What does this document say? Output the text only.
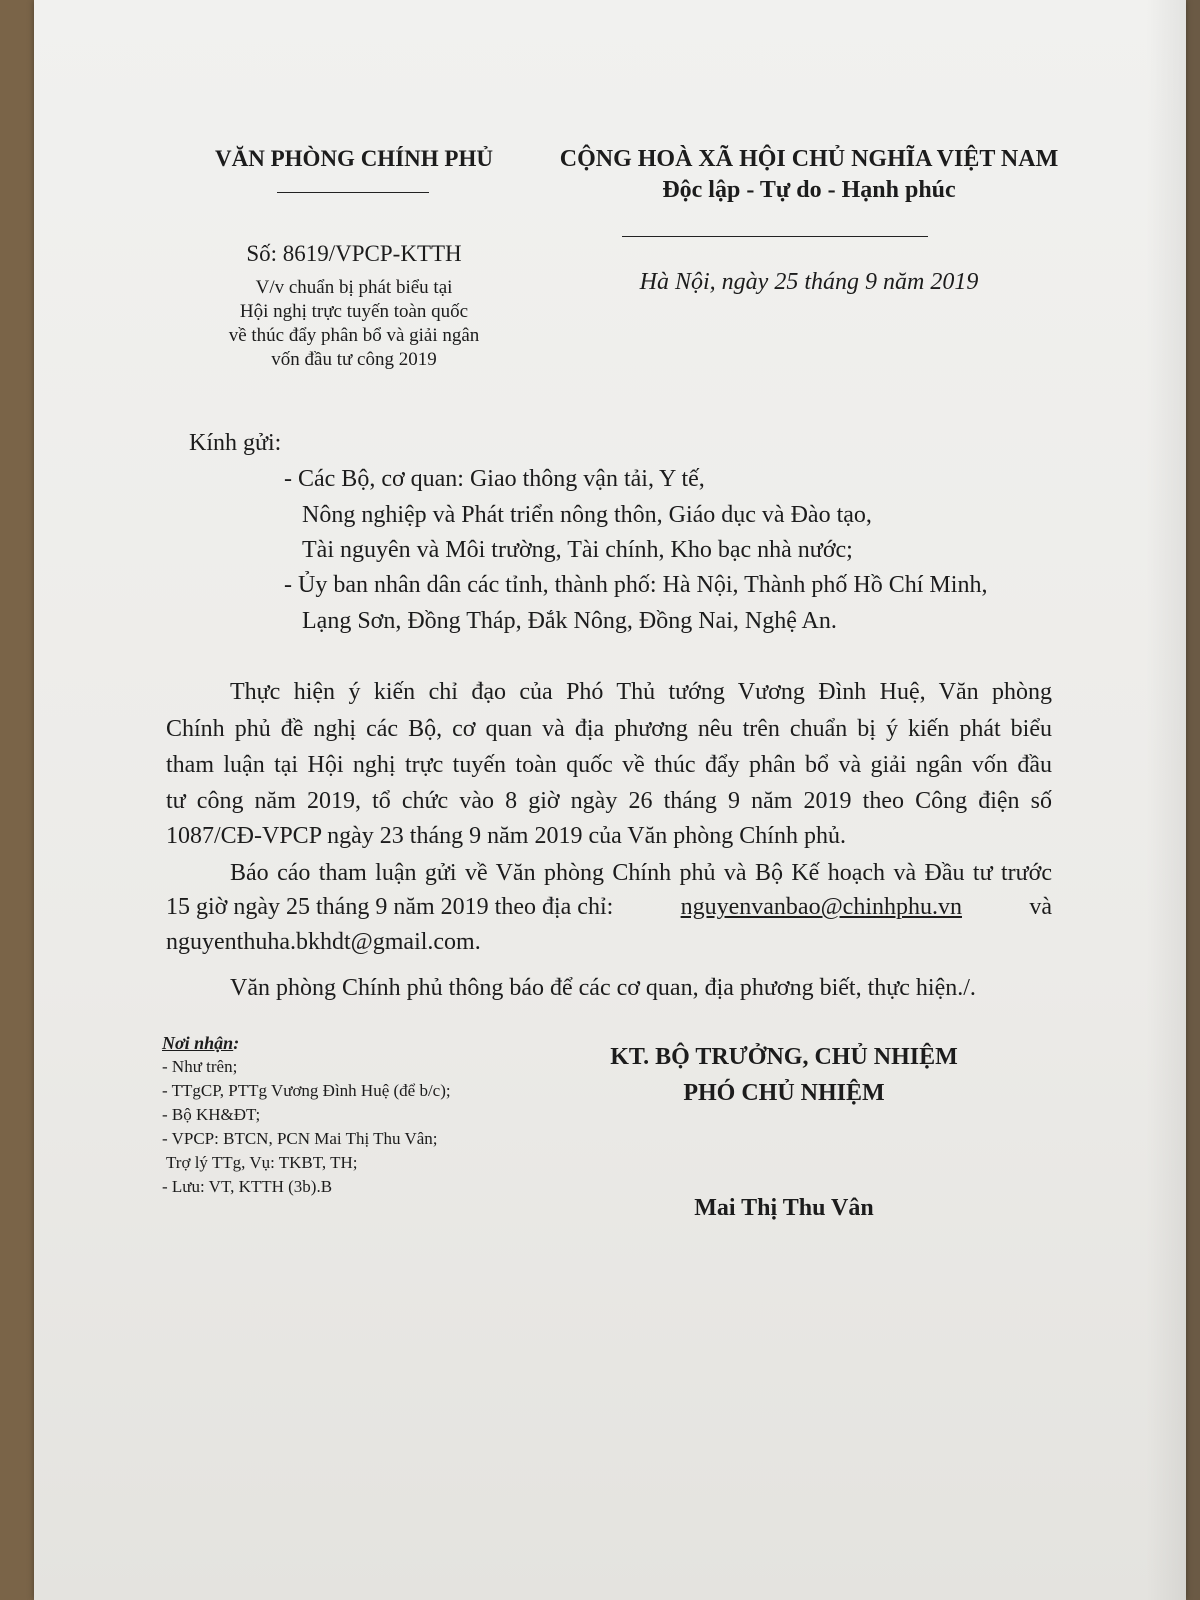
VĂN PHÒNG CHÍNH PHỦ
Số: 8619/VPCP-KTTH
V/v chuẩn bị phát biểu tại
Hội nghị trực tuyến toàn quốc
về thúc đẩy phân bổ và giải ngân
vốn đầu tư công 2019
CỘNG HOÀ XÃ HỘI CHỦ NGHĨA VIỆT NAM
Độc lập - Tự do - Hạnh phúc
Hà Nội, ngày 25 tháng 9 năm 2019
Kính gửi:
- Các Bộ, cơ quan: Giao thông vận tải, Y tế,
Nông nghiệp và Phát triển nông thôn, Giáo dục và Đào tạo,
Tài nguyên và Môi trường, Tài chính, Kho bạc nhà nước;
- Ủy ban nhân dân các tỉnh, thành phố: Hà Nội, Thành phố Hồ Chí Minh,
Lạng Sơn, Đồng Tháp, Đắk Nông, Đồng Nai, Nghệ An.
Thực hiện ý kiến chỉ đạo của Phó Thủ tướng Vương Đình Huệ, Văn phòng
Chính phủ đề nghị các Bộ, cơ quan và địa phương nêu trên chuẩn bị ý kiến phát biểu
tham luận tại Hội nghị trực tuyến toàn quốc về thúc đẩy phân bổ và giải ngân vốn đầu
tư công năm 2019, tổ chức vào 8 giờ ngày 26 tháng 9 năm 2019 theo Công điện số
1087/CĐ-VPCP ngày 23 tháng 9 năm 2019 của Văn phòng Chính phủ.
Báo cáo tham luận gửi về Văn phòng Chính phủ và Bộ Kế hoạch và Đầu tư trước
15 giờ ngày 25 tháng 9 năm 2019 theo địa chỉ:	nguyenvanbao@chinhphu.vn	và
nguyenthuha.bkhdt@gmail.com.
Văn phòng Chính phủ thông báo để các cơ quan, địa phương biết, thực hiện./.
Nơi nhận:
- Như trên;
- TTgCP, PTTg Vương Đình Huệ (để b/c);
- Bộ KH&ĐT;
- VPCP: BTCN, PCN Mai Thị Thu Vân;
Trợ lý TTg, Vụ: TKBT, TH;
- Lưu: VT, KTTH (3b).B
KT. BỘ TRƯỞNG, CHỦ NHIỆM
PHÓ CHỦ NHIỆM
Mai Thị Thu Vân
